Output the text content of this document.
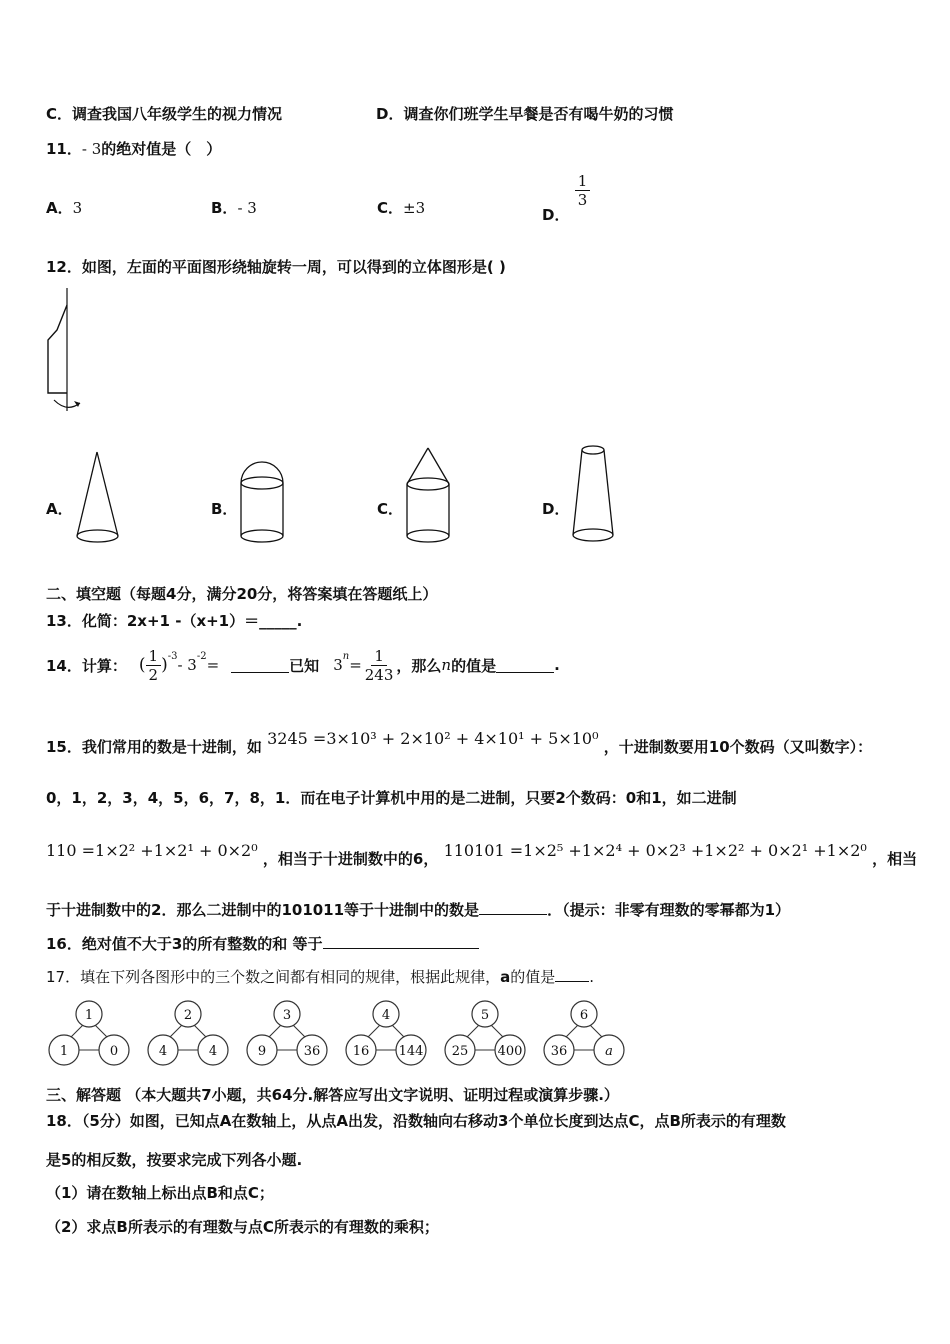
C．调查我国八年级学生的视力情况	D．调查你们班学生早餐是否有喝牛奶的习惯
11．- 3的绝对值是（　）
A．3	B．- 3	C．±3	D．
$\frac{1}{3}$
12．如图，左面的平面图形绕轴旋转一周，可以得到的立体图形是( )
A．	B．	C．	D．
二、填空题（每题4分，满分20分，将答案填在答题纸上）
13．化简：2x+1 -（x+1）＝_____.
14．计算： ( $\frac{1}{2}$ ) -3 - 3 -2 =	已知 3 $n = \frac{1}{243}$ ，那么 n 的值是	.
15．我们常用的数是十进制，如 3245 =3×10³ + 2×10² + 4×10¹ + 5×10⁰ ，十进制数要用10个数码（又叫数字）：
0，1，2，3，4，5，6，7，8，1．而在电子计算机中用的是二进制，只要2个数码：0和1，如二进制
110 =1×2² +1×2¹ + 0×2⁰ ，相当于十进制数中的6， 110101 =1×2⁵ +1×2⁴ + 0×2³ +1×2² + 0×2¹ +1×2⁰ ，相当
于十进制数中的2．那么二进制中的101011等于十进制中的数是	．（提示：非零有理数的零幂都为1）
16．绝对值不大于3的所有整数的和 等于
17．填在下列各图形中的三个数之间都有相同的规律，根据此规律，a的值是 .
1
1	0
2
4	4
3
9	36
4
16 144
5
25 400
6
36	a
三、解答题 （本大题共7小题，共64分.解答应写出文字说明、证明过程或演算步骤.）
18．（5分）如图，已知点A在数轴上，从点A出发，沿数轴向右移动3个单位长度到达点C，点B所表示的有理数
是5的相反数，按要求完成下列各小题.
（1）请在数轴上标出点B和点C；
（2）求点B所表示的有理数与点C所表示的有理数的乘积；
